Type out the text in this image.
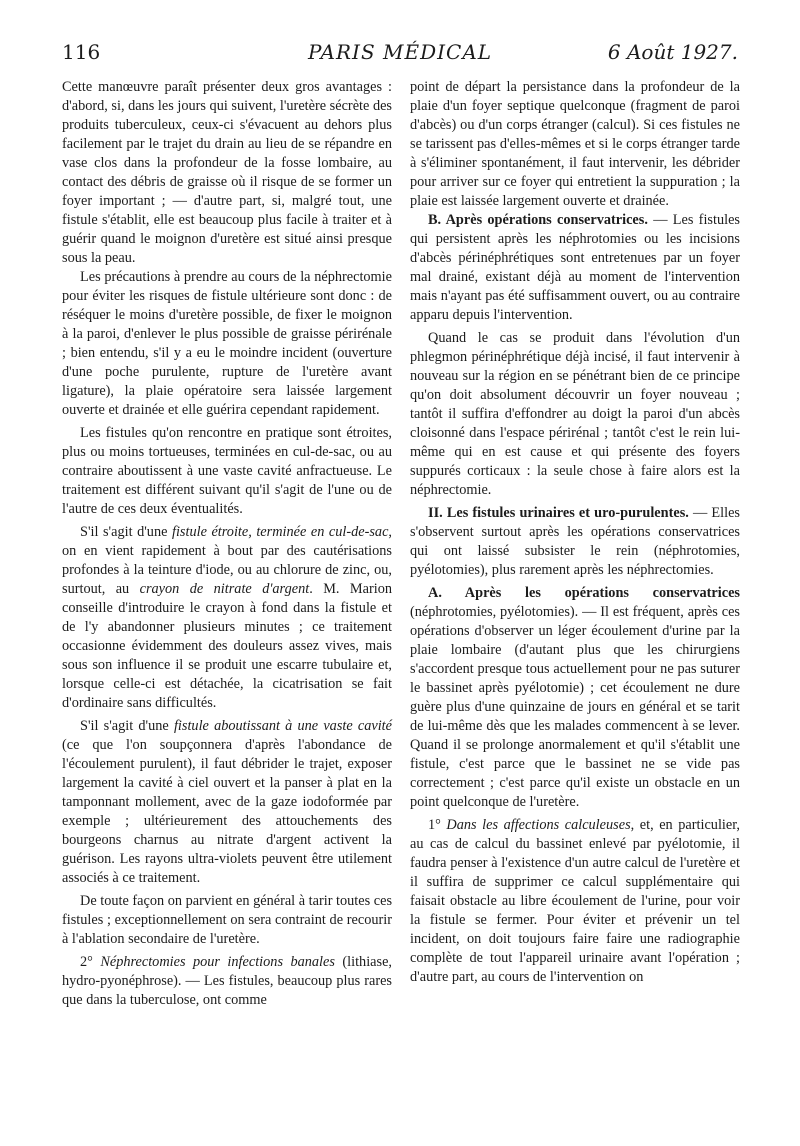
116	PARIS MÉDICAL	6 Août 1927.

Cette manœuvre paraît présenter deux gros avantages : d'abord, si, dans les jours qui suivent, l'uretère sécrète des produits tuberculeux, ceux-ci s'évacuent au dehors plus facilement par le trajet du drain au lieu de se répandre en vase clos dans la profondeur de la fosse lombaire, au contact des débris de graisse où il risque de se former un foyer important ; — d'autre part, si, malgré tout, une fistule s'établit, elle est beaucoup plus facile à traiter et à guérir quand le moignon d'uretère est situé ainsi presque sous la peau.

Les précautions à prendre au cours de la néphrectomie pour éviter les risques de fistule ultérieure sont donc : de réséquer le moins d'uretère possible, de fixer le moignon à la paroi, d'enlever le plus possible de graisse périrénale ; bien entendu, s'il y a eu le moindre incident (ouverture d'une poche purulente, rupture de l'uretère avant ligature), la plaie opératoire sera laissée largement ouverte et drainée et elle guérira cependant rapidement.

Les fistules qu'on rencontre en pratique sont étroites, plus ou moins tortueuses, terminées en cul-de-sac, ou au contraire aboutissent à une vaste cavité anfractueuse. Le traitement est différent suivant qu'il s'agit de l'une ou de l'autre de ces deux éventualités.

S'il s'agit d'une fistule étroite, terminée en cul-de-sac, on en vient rapidement à bout par des cautérisations profondes à la teinture d'iode, ou au chlorure de zinc, ou, surtout, au crayon de nitrate d'argent. M. Marion conseille d'introduire le crayon à fond dans la fistule et de l'y abandonner plusieurs minutes ; ce traitement occasionne évidemment des douleurs assez vives, mais sous son influence il se produit une escarre tubulaire et, lorsque celle-ci est détachée, la cicatrisation se fait d'ordinaire sans difficultés.

S'il s'agit d'une fistule aboutissant à une vaste cavité (ce que l'on soupçonnera d'après l'abondance de l'écoulement purulent), il faut débrider le trajet, exposer largement la cavité à ciel ouvert et la panser à plat en la tamponnant mollement, avec de la gaze iodoformée par exemple ; ultérieurement des attouchements des bourgeons charnus au nitrate d'argent activent la guérison. Les rayons ultra-violets peuvent être utilement associés à ce traitement.

De toute façon on parvient en général à tarir toutes ces fistules ; exceptionnellement on sera contraint de recourir à l'ablation secondaire de l'uretère.

2° Néphrectomies pour infections banales (lithiase, hydro-pyonéphrose). — Les fistules, beaucoup plus rares que dans la tuberculose, ont comme

point de départ la persistance dans la profondeur de la plaie d'un foyer septique quelconque (fragment de paroi d'abcès) ou d'un corps étranger (calcul). Si ces fistules ne se tarissent pas d'elles-mêmes et si le corps étranger tarde à s'éliminer spontanément, il faut intervenir, les débrider pour arriver sur ce foyer qui entretient la suppuration ; la plaie est laissée largement ouverte et drainée.

B. Après opérations conservatrices. — Les fistules qui persistent après les néphrotomies ou les incisions d'abcès périnéphrétiques sont entretenues par un foyer mal drainé, existant déjà au moment de l'intervention mais n'ayant pas été suffisamment ouvert, ou au contraire apparu depuis l'intervention.

Quand le cas se produit dans l'évolution d'un phlegmon périnéphrétique déjà incisé, il faut intervenir à nouveau sur la région en se pénétrant bien de ce principe qu'on doit absolument découvrir un foyer nouveau ; tantôt il suffira d'effondrer au doigt la paroi d'un abcès cloisonné dans l'espace périrénal ; tantôt c'est le rein lui-même qui en est cause et qui présente des foyers suppurés corticaux : la seule chose à faire alors est la néphrectomie.

II. Les fistules urinaires et uro-purulentes. — Elles s'observent surtout après les opérations conservatrices qui ont laissé subsister le rein (néphrotomies, pyélotomies), plus rarement après les néphrectomies.

A. Après les opérations conservatrices (néphrotomies, pyélotomies). — Il est fréquent, après ces opérations d'observer un léger écoulement d'urine par la plaie lombaire (d'autant plus que les chirurgiens s'accordent presque tous actuellement pour ne pas suturer le bassinet après pyélotomie) ; cet écoulement ne dure guère plus d'une quinzaine de jours en général et se tarit de lui-même dès que les malades commencent à se lever. Quand il se prolonge anormalement et qu'il s'établit une fistule, c'est parce que le bassinet ne se vide pas correctement ; c'est parce qu'il existe un obstacle en un point quelconque de l'uretère.

1° Dans les affections calculeuses, et, en particulier, au cas de calcul du bassinet enlevé par pyélotomie, il faudra penser à l'existence d'un autre calcul de l'uretère et il suffira de supprimer ce calcul supplémentaire qui faisait obstacle au libre écoulement de l'urine, pour voir la fistule se fermer. Pour éviter et prévenir un tel incident, on doit toujours faire faire une radiographie complète de tout l'appareil urinaire avant l'opération ; d'autre part, au cours de l'intervention on
